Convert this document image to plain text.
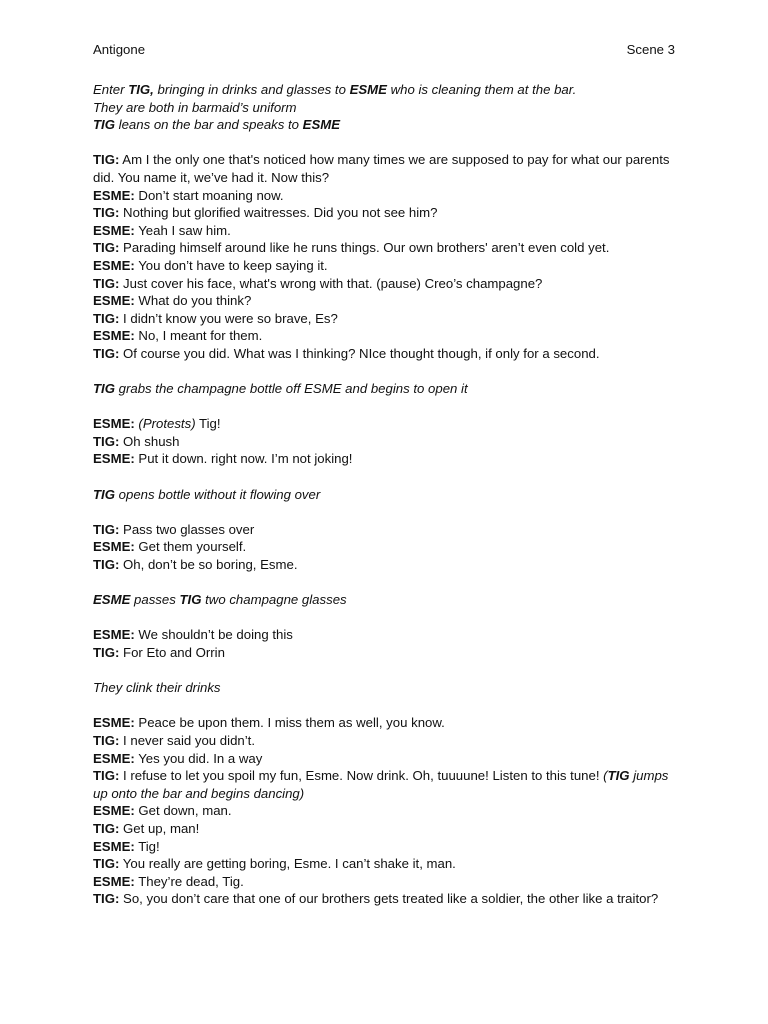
Antigone	Scene 3
Enter TIG, bringing in drinks and glasses to ESME who is cleaning them at the bar.
They are both in barmaid’s uniform
TIG leans on the bar and speaks to ESME
TIG: Am I the only one that's noticed how many times we are supposed to pay for what our parents did. You name it, we’ve had it. Now this?
ESME: Don’t start moaning now.
TIG: Nothing but glorified waitresses. Did you not see him?
ESME: Yeah I saw him.
TIG: Parading himself around like he runs things. Our own brothers' aren’t even cold yet.
ESME: You don’t have to keep saying it.
TIG: Just cover his face, what's wrong with that. (pause) Creo’s champagne?
ESME: What do you think?
TIG: I didn’t know you were so brave, Es?
ESME: No, I meant for them.
TIG: Of course you did. What was I thinking? NIce thought though, if only for a second.
TIG grabs the champagne bottle off ESME and begins to open it
ESME: (Protests) Tig!
TIG: Oh shush
ESME: Put it down. right now. I’m not joking!
TIG opens bottle without it flowing over
TIG: Pass two glasses over
ESME: Get them yourself.
TIG: Oh, don’t be so boring, Esme.
ESME passes TIG two champagne glasses
ESME: We shouldn’t be doing this
TIG: For Eto and Orrin
They clink their drinks
ESME: Peace be upon them. I miss them as well, you know.
TIG: I never said you didn’t.
ESME: Yes you did. In a way
TIG: I refuse to let you spoil my fun, Esme. Now drink. Oh, tuuuune! Listen to this tune! (TIG jumps up onto the bar and begins dancing)
ESME: Get down, man.
TIG: Get up, man!
ESME: Tig!
TIG: You really are getting boring, Esme. I can’t shake it, man.
ESME: They’re dead, Tig.
TIG: So, you don’t care that one of our brothers gets treated like a soldier, the other like a traitor?
